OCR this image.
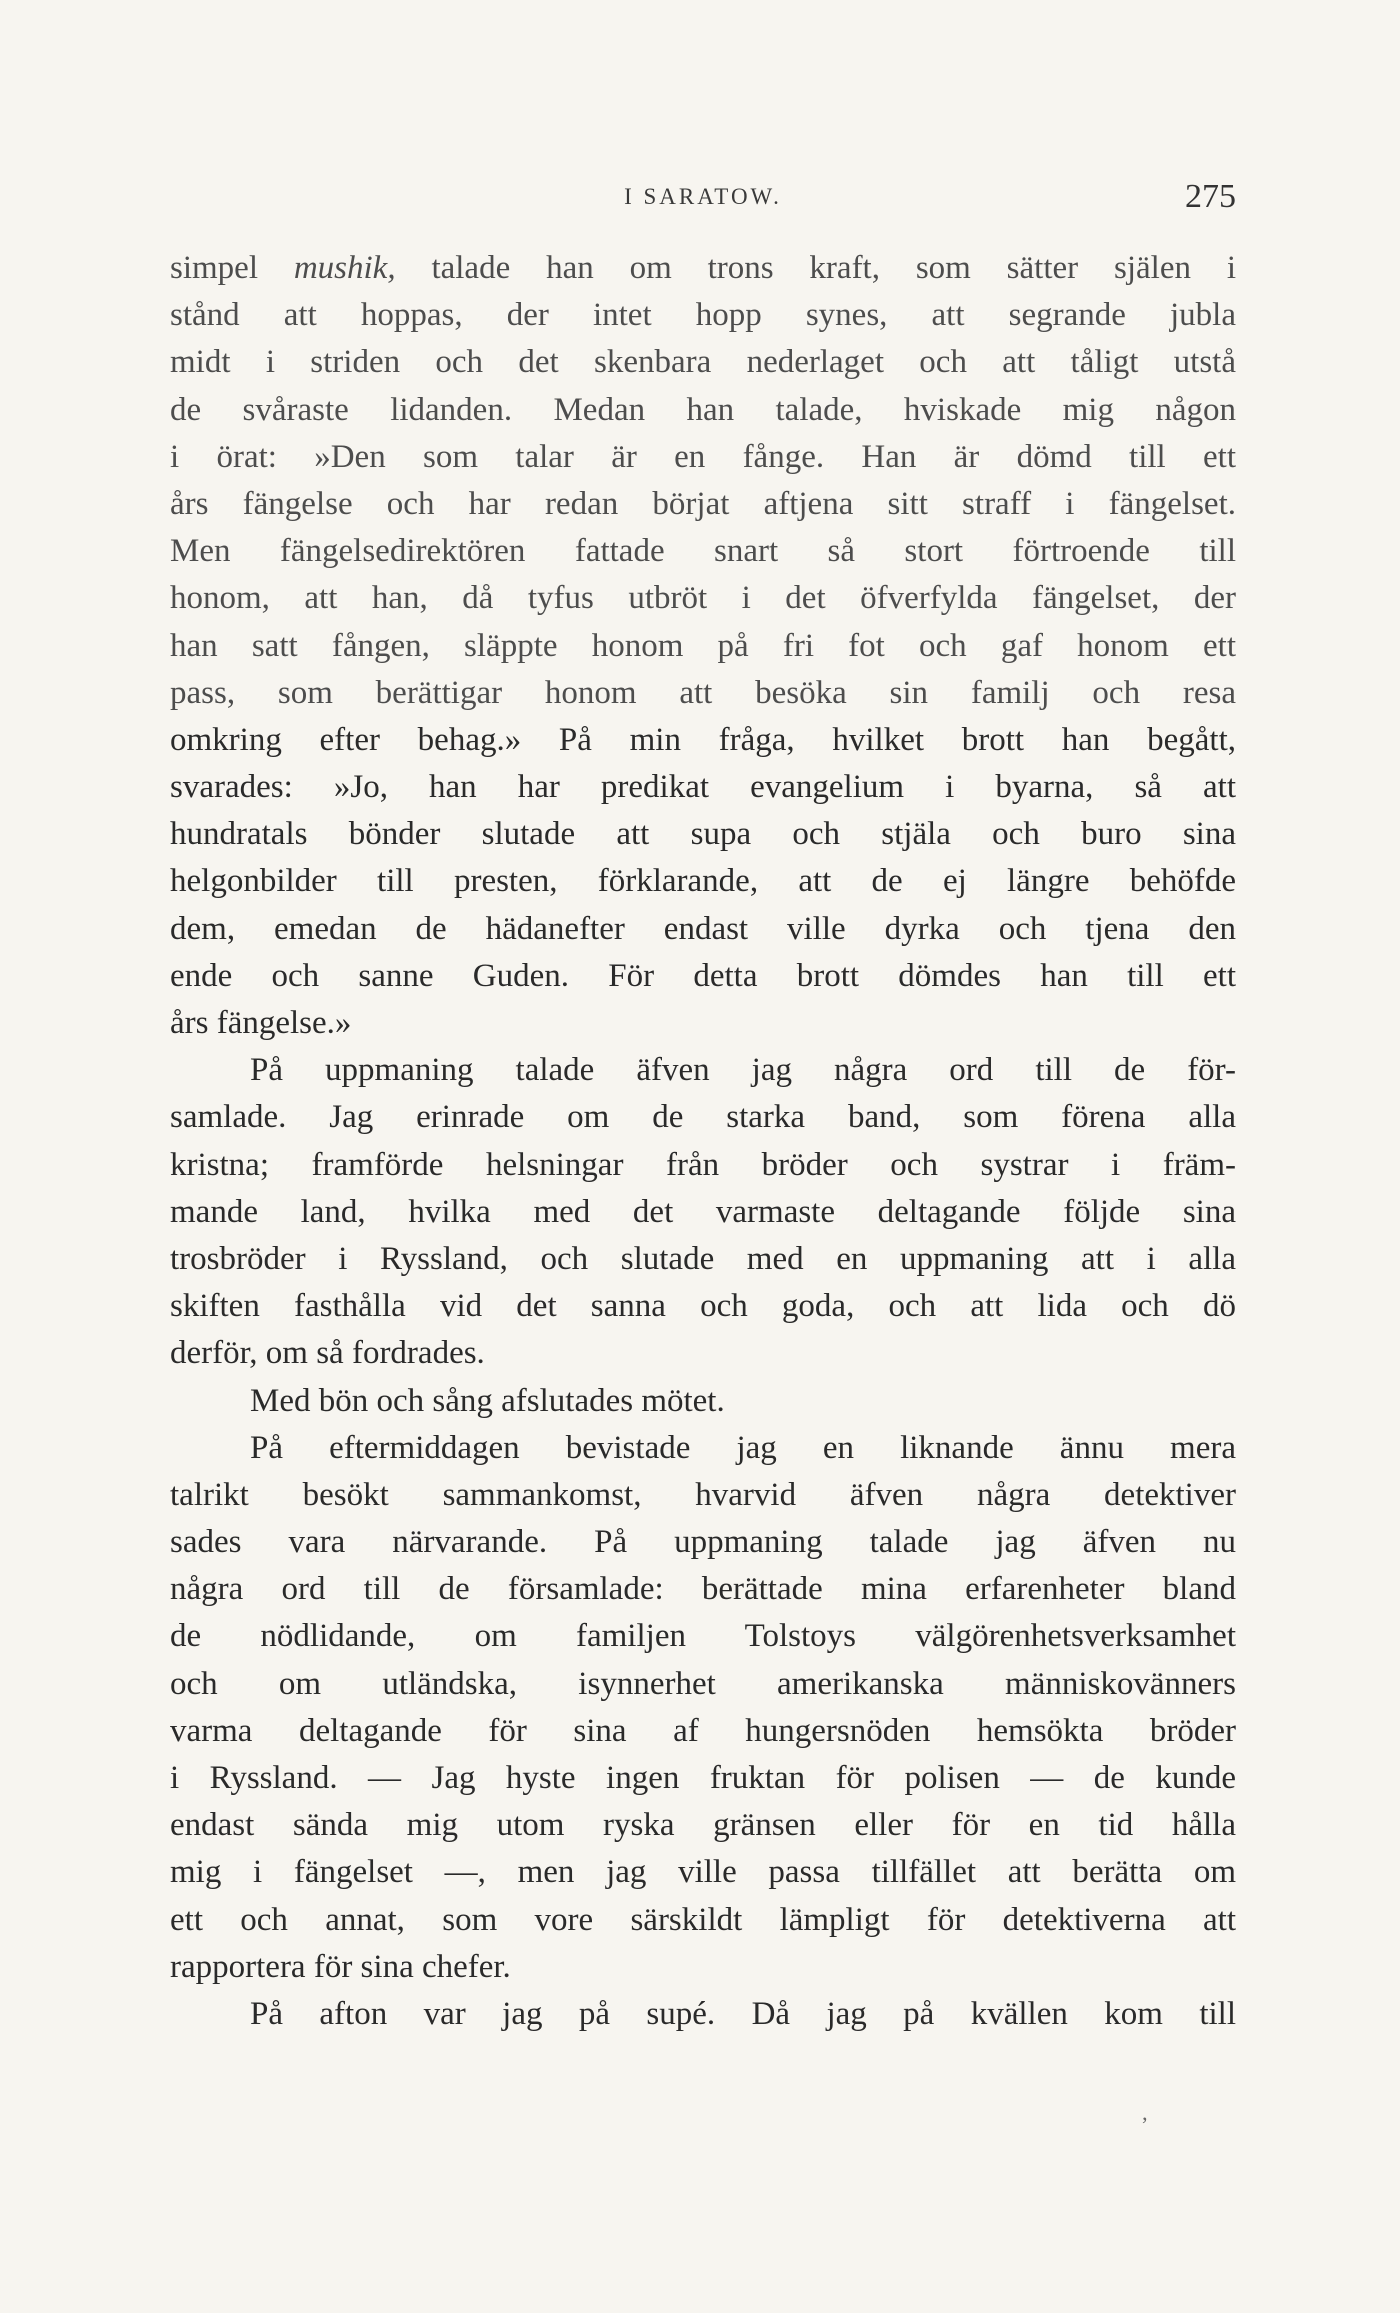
I SARATOW.	275
simpel mushik, talade han om trons kraft, som sätter själen i
stånd att hoppas, der intet hopp synes, att segrande jubla
midt i striden och det skenbara nederlaget och att tåligt utstå
de svåraste lidanden. Medan han talade, hviskade mig någon
i örat: »Den som talar är en fånge. Han är dömd till ett
års fängelse och har redan börjat aftjena sitt straff i fängelset.
Men fängelsedirektören fattade snart så stort förtroende till
honom, att han, då tyfus utbröt i det öfverfylda fängelset, der
han satt fången, släppte honom på fri fot och gaf honom ett
pass, som berättigar honom att besöka sin familj och resa
omkring efter behag.» På min fråga, hvilket brott han begått,
svarades: »Jo, han har predikat evangelium i byarna, så att
hundratals bönder slutade att supa och stjäla och buro sina
helgonbilder till presten, förklarande, att de ej längre behöfde
dem, emedan de hädanefter endast ville dyrka och tjena den
ende och sanne Guden. För detta brott dömdes han till ett
års fängelse.»
På uppmaning talade äfven jag några ord till de för-
samlade. Jag erinrade om de starka band, som förena alla
kristna; framförde helsningar från bröder och systrar i främ-
mande land, hvilka med det varmaste deltagande följde sina
trosbröder i Ryssland, och slutade med en uppmaning att i alla
skiften fasthålla vid det sanna och goda, och att lida och dö
derför, om så fordrades.
Med bön och sång afslutades mötet.
På eftermiddagen bevistade jag en liknande ännu mera
talrikt besökt sammankomst, hvarvid äfven några detektiver
sades vara närvarande. På uppmaning talade jag äfven nu
några ord till de församlade: berättade mina erfarenheter bland
de nödlidande, om familjen Tolstoys välgörenhetsverksamhet
och om utländska, isynnerhet amerikanska människovänners
varma deltagande för sina af hungersnöden hemsökta bröder
i Ryssland. — Jag hyste ingen fruktan för polisen — de kunde
endast sända mig utom ryska gränsen eller för en tid hålla
mig i fängelset —, men jag ville passa tillfället att berätta om
ett och annat, som vore särskildt lämpligt för detektiverna att
rapportera för sina chefer.
På afton var jag på supé. Då jag på kvällen kom till
‚
